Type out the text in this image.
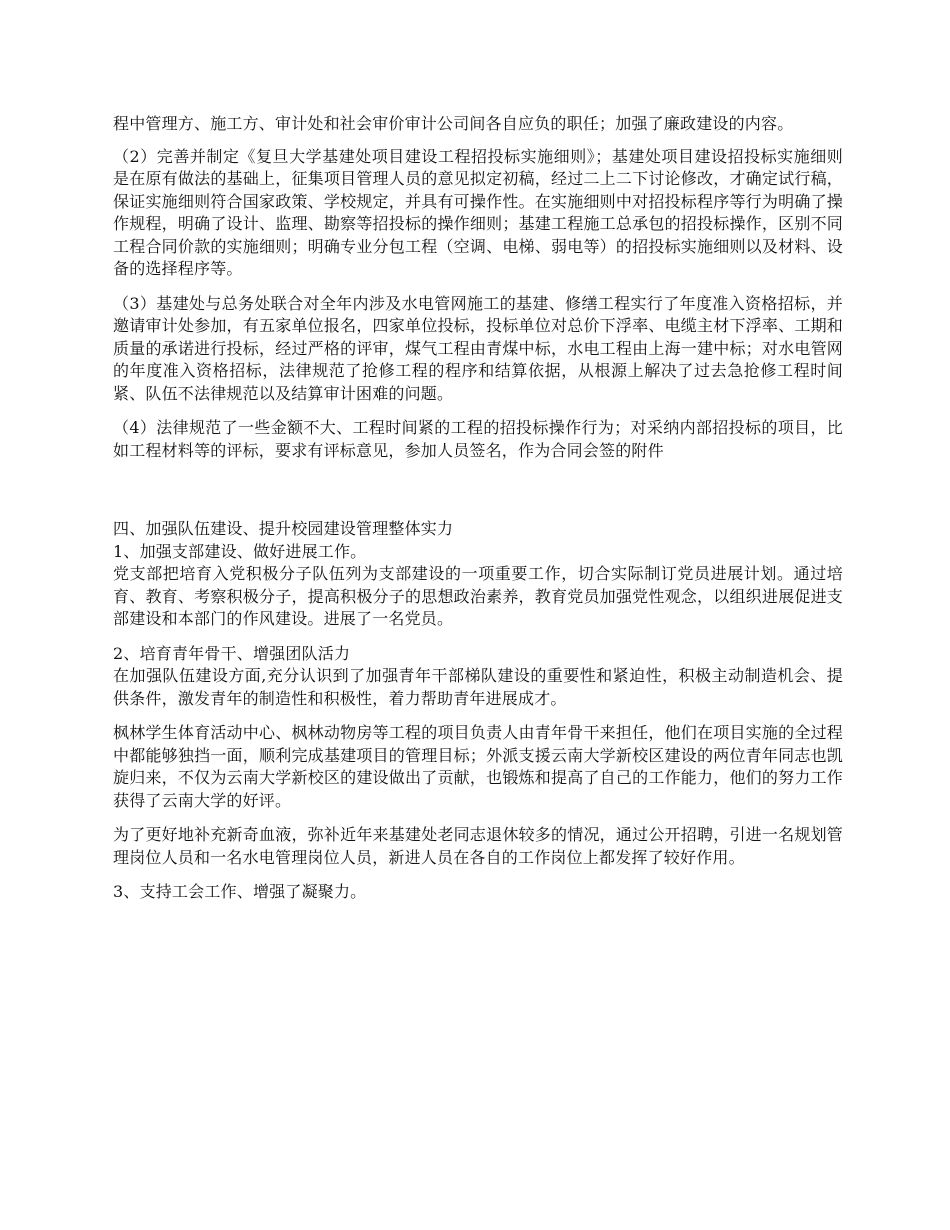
程中管理方、施工方、审计处和社会审价审计公司间各自应负的职任；加强了廉政建设的内容。

（2）完善并制定《复旦大学基建处项目建设工程招投标实施细则》；基建处项目建设招投标实施细则是在原有做法的基础上，征集项目管理人员的意见拟定初稿，经过二上二下讨论修改，才确定试行稿，保证实施细则符合国家政策、学校规定，并具有可操作性。在实施细则中对招投标程序等行为明确了操作规程，明确了设计、监理、勘察等招投标的操作细则；基建工程施工总承包的招投标操作，区别不同工程合同价款的实施细则；明确专业分包工程（空调、电梯、弱电等）的招投标实施细则以及材料、设备的选择程序等。

（3）基建处与总务处联合对全年内涉及水电管网施工的基建、修缮工程实行了年度准入资格招标，并邀请审计处参加，有五家单位报名，四家单位投标，投标单位对总价下浮率、电缆主材下浮率、工期和质量的承诺进行投标，经过严格的评审，煤气工程由青煤中标，水电工程由上海一建中标；对水电管网的年度准入资格招标，法律规范了抢修工程的程序和结算依据，从根源上解决了过去急抢修工程时间紧、队伍不法律规范以及结算审计困难的问题。

（4）法律规范了一些金额不大、工程时间紧的工程的招投标操作行为；对采纳内部招投标的项目，比如工程材料等的评标，要求有评标意见，参加人员签名，作为合同会签的附件

四、加强队伍建设、提升校园建设管理整体实力

1、加强支部建设、做好进展工作。

党支部把培育入党积极分子队伍列为支部建设的一项重要工作，切合实际制订党员进展计划。通过培育、教育、考察积极分子，提高积极分子的思想政治素养，教育党员加强党性观念，以组织进展促进支部建设和本部门的作风建设。进展了一名党员。

2、培育青年骨干、增强团队活力

在加强队伍建设方面,充分认识到了加强青年干部梯队建设的重要性和紧迫性，积极主动制造机会、提供条件，激发青年的制造性和积极性，着力帮助青年进展成才。

枫林学生体育活动中心、枫林动物房等工程的项目负责人由青年骨干来担任，他们在项目实施的全过程中都能够独挡一面，顺利完成基建项目的管理目标；外派支援云南大学新校区建设的两位青年同志也凯旋归来，不仅为云南大学新校区的建设做出了贡献，也锻炼和提高了自己的工作能力，他们的努力工作获得了云南大学的好评。

为了更好地补充新奇血液，弥补近年来基建处老同志退休较多的情况，通过公开招聘，引进一名规划管理岗位人员和一名水电管理岗位人员，新进人员在各自的工作岗位上都发挥了较好作用。

3、支持工会工作、增强了凝聚力。
